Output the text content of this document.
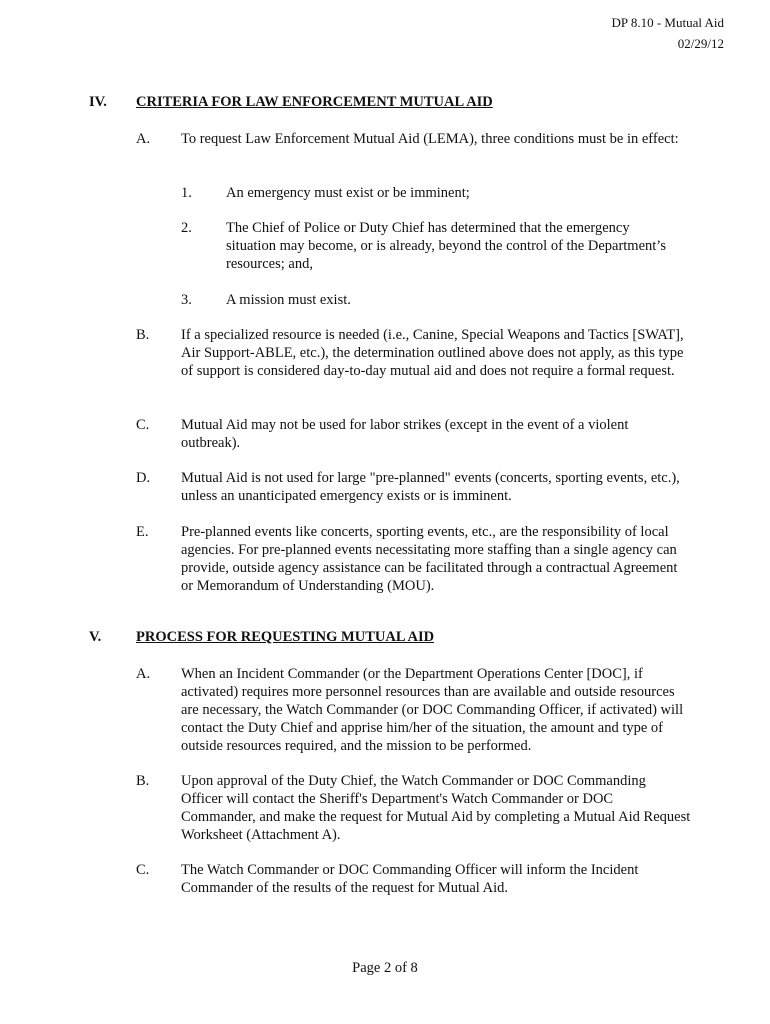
DP 8.10 - Mutual Aid
02/29/12
IV. CRITERIA FOR LAW ENFORCEMENT MUTUAL AID
A. To request Law Enforcement Mutual Aid (LEMA), three conditions must be in effect:
1. An emergency must exist or be imminent;
2. The Chief of Police or Duty Chief has determined that the emergency situation may become, or is already, beyond the control of the Department’s resources; and,
3. A mission must exist.
B. If a specialized resource is needed (i.e., Canine, Special Weapons and Tactics [SWAT], Air Support-ABLE, etc.), the determination outlined above does not apply, as this type of support is considered day-to-day mutual aid and does not require a formal request.
C. Mutual Aid may not be used for labor strikes (except in the event of a violent outbreak).
D. Mutual Aid is not used for large "pre-planned" events (concerts, sporting events, etc.), unless an unanticipated emergency exists or is imminent.
E. Pre-planned events like concerts, sporting events, etc., are the responsibility of local agencies. For pre-planned events necessitating more staffing than a single agency can provide, outside agency assistance can be facilitated through a contractual Agreement or Memorandum of Understanding (MOU).
V. PROCESS FOR REQUESTING MUTUAL AID
A. When an Incident Commander (or the Department Operations Center [DOC], if activated) requires more personnel resources than are available and outside resources are necessary, the Watch Commander (or DOC Commanding Officer, if activated) will contact the Duty Chief and apprise him/her of the situation, the amount and type of outside resources required, and the mission to be performed.
B. Upon approval of the Duty Chief, the Watch Commander or DOC Commanding Officer will contact the Sheriff's Department's Watch Commander or DOC Commander, and make the request for Mutual Aid by completing a Mutual Aid Request Worksheet (Attachment A).
C. The Watch Commander or DOC Commanding Officer will inform the Incident Commander of the results of the request for Mutual Aid.
Page 2 of 8
